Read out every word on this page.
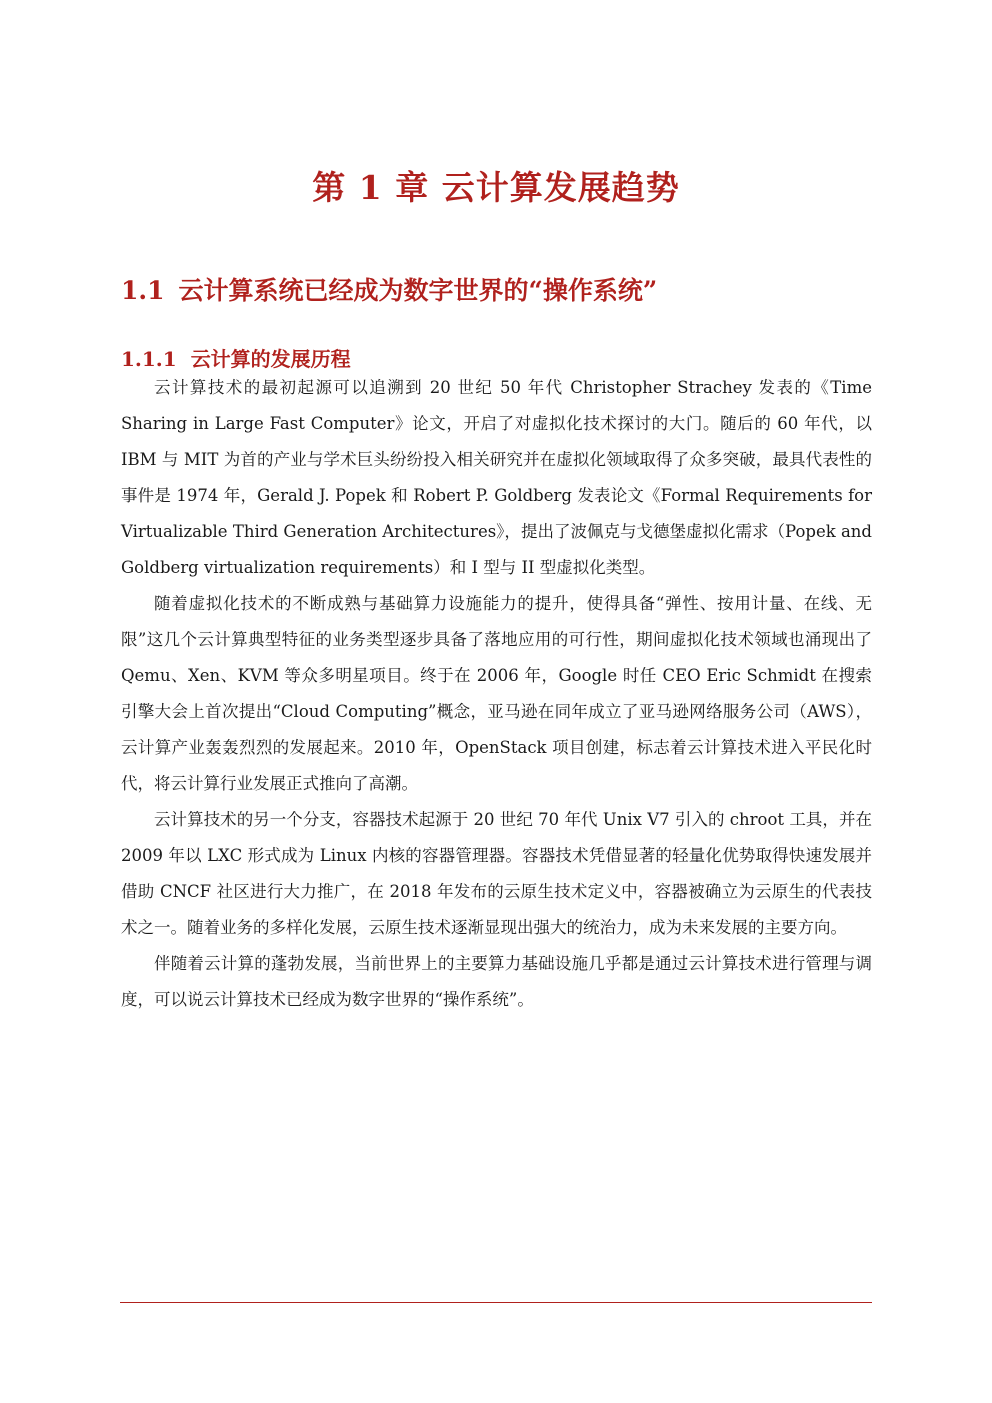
第 1 章 云计算发展趋势
1.1 云计算系统已经成为数字世界的“操作系统”
1.1.1 云计算的发展历程

云计算技术的最初起源可以追溯到 20 世纪 50 年代 Christopher Strachey 发表的《Time Sharing in Large Fast Computer》论文，开启了对虚拟化技术探讨的大门。随后的 60 年代，以 IBM 与 MIT 为首的产业与学术巨头纷纷投入相关研究并在虚拟化领域取得了众多突破，最具代表性的事件是 1974 年，Gerald J. Popek 和 Robert P. Goldberg 发表论文《Formal Requirements for Virtualizable Third Generation Architectures》，提出了波佩克与戈德堡虚拟化需求（Popek and Goldberg virtualization requirements）和 I 型与 II 型虚拟化类型。

随着虚拟化技术的不断成熟与基础算力设施能力的提升，使得具备“弹性、按用计量、在线、无限”这几个云计算典型特征的业务类型逐步具备了落地应用的可行性，期间虚拟化技术领域也涌现出了 Qemu、Xen、KVM 等众多明星项目。终于在 2006 年，Google 时任 CEO Eric Schmidt 在搜索引擎大会上首次提出“Cloud Computing”概念，亚马逊在同年成立了亚马逊网络服务公司（AWS），云计算产业轰轰烈烈的发展起来。2010 年，OpenStack 项目创建，标志着云计算技术进入平民化时代，将云计算行业发展正式推向了高潮。

云计算技术的另一个分支，容器技术起源于 20 世纪 70 年代 Unix V7 引入的 chroot 工具，并在 2009 年以 LXC 形式成为 Linux 内核的容器管理器。容器技术凭借显著的轻量化优势取得快速发展并借助 CNCF 社区进行大力推广，在 2018 年发布的云原生技术定义中，容器被确立为云原生的代表技术之一。随着业务的多样化发展，云原生技术逐渐显现出强大的统治力，成为未来发展的主要方向。

伴随着云计算的蓬勃发展，当前世界上的主要算力基础设施几乎都是通过云计算技术进行管理与调度，可以说云计算技术已经成为数字世界的“操作系统”。
